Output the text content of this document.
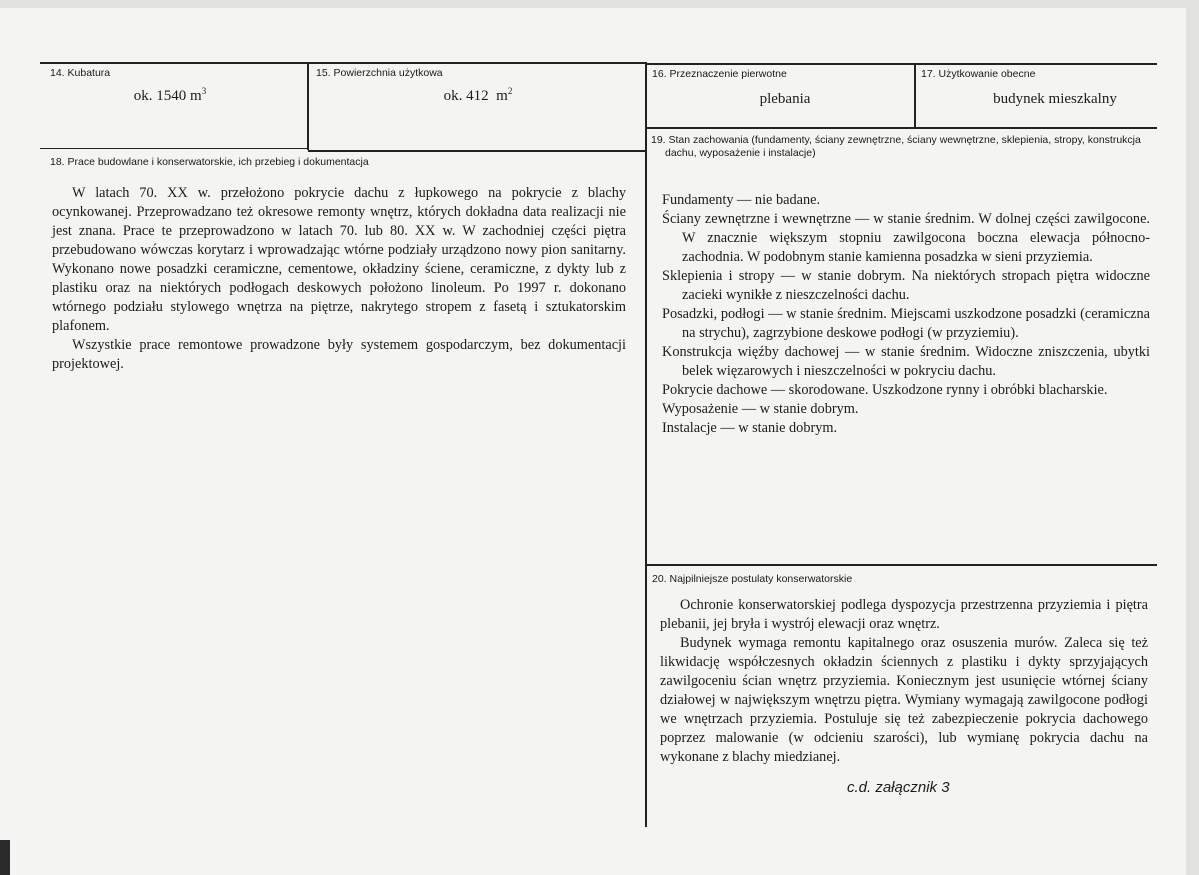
14. Kubatura
ok. 1540 $m^3$
15. Powierzchnia użytkowa
ok. 412  $m^2$
16. Przeznaczenie pierwotne
plebania
17. Użytkowanie obecne
budynek mieszkalny
18. Prace budowlane i konserwatorskie, ich przebieg i dokumentacja

W latach 70. XX w. przełożono pokrycie dachu z łupkowego na pokrycie z blachy ocynkowanej. Przeprowadzano też okresowe remonty wnętrz, których dokładna data realizacji nie jest znana. Prace te przeprowadzono w latach 70. lub 80. XX w. W zachodniej części piętra przebudowano wówczas korytarz i wprowadzając wtórne podziały urządzono nowy pion sanitarny. Wykonano nowe posadzki ceramiczne, cementowe, okładziny ściene, ceramiczne, z dykty lub z plastiku oraz na niektórych podłogach deskowych położono linoleum. Po 1997 r. dokonano wtórnego podziału stylowego wnętrza na piętrze, nakrytego stropem z fasetą i sztukatorskim plafonem.

Wszystkie prace remontowe prowadzone były systemem gospodarczym, bez dokumentacji projektowej.

19. Stan zachowania (fundamenty, ściany zewnętrzne, ściany wewnętrzne, sklepienia, stropy, konstrukcja dachu, wyposażenie i instalacje)

Fundamenty — nie badane.

Ściany zewnętrzne i wewnętrzne — w stanie średnim. W dolnej części zawilgocone. W znacznie większym stopniu zawilgocona boczna elewacja północno-zachodnia. W podobnym stanie kamienna posadzka w sieni przyziemia.

Sklepienia i stropy — w stanie dobrym. Na niektórych stropach piętra widoczne zacieki wynikłe z nieszczelności dachu.

Posadzki, podłogi — w stanie średnim. Miejscami uszkodzone posadzki (ceramiczna na strychu), zagrzybione deskowe podłogi (w przyziemiu).

Konstrukcja więźby dachowej — w stanie średnim. Widoczne zniszczenia, ubytki belek więzarowych i nieszczelności w pokryciu dachu.

Pokrycie dachowe — skorodowane. Uszkodzone rynny i obróbki blacharskie.

Wyposażenie — w stanie dobrym.

Instalacje — w stanie dobrym.

20. Najpilniejsze postulaty konserwatorskie

Ochronie konserwatorskiej podlega dyspozycja przestrzenna przyziemia i piętra plebanii, jej bryła i wystrój elewacji oraz wnętrz.

Budynek wymaga remontu kapitalnego oraz osuszenia murów. Zaleca się też likwidację współczesnych okładzin ściennych z plastiku i dykty sprzyjających zawilgoceniu ścian wnętrz przyziemia. Koniecznym jest usunięcie wtórnej ściany działowej w największym wnętrzu piętra. Wymiany wymagają zawilgocone podłogi we wnętrzach przyziemia. Postuluje się też zabezpieczenie pokrycia dachowego poprzez malowanie (w odcieniu szarości), lub wymianę pokrycia dachu na wykonane z blachy miedzianej.

c.d. załącznik 3
